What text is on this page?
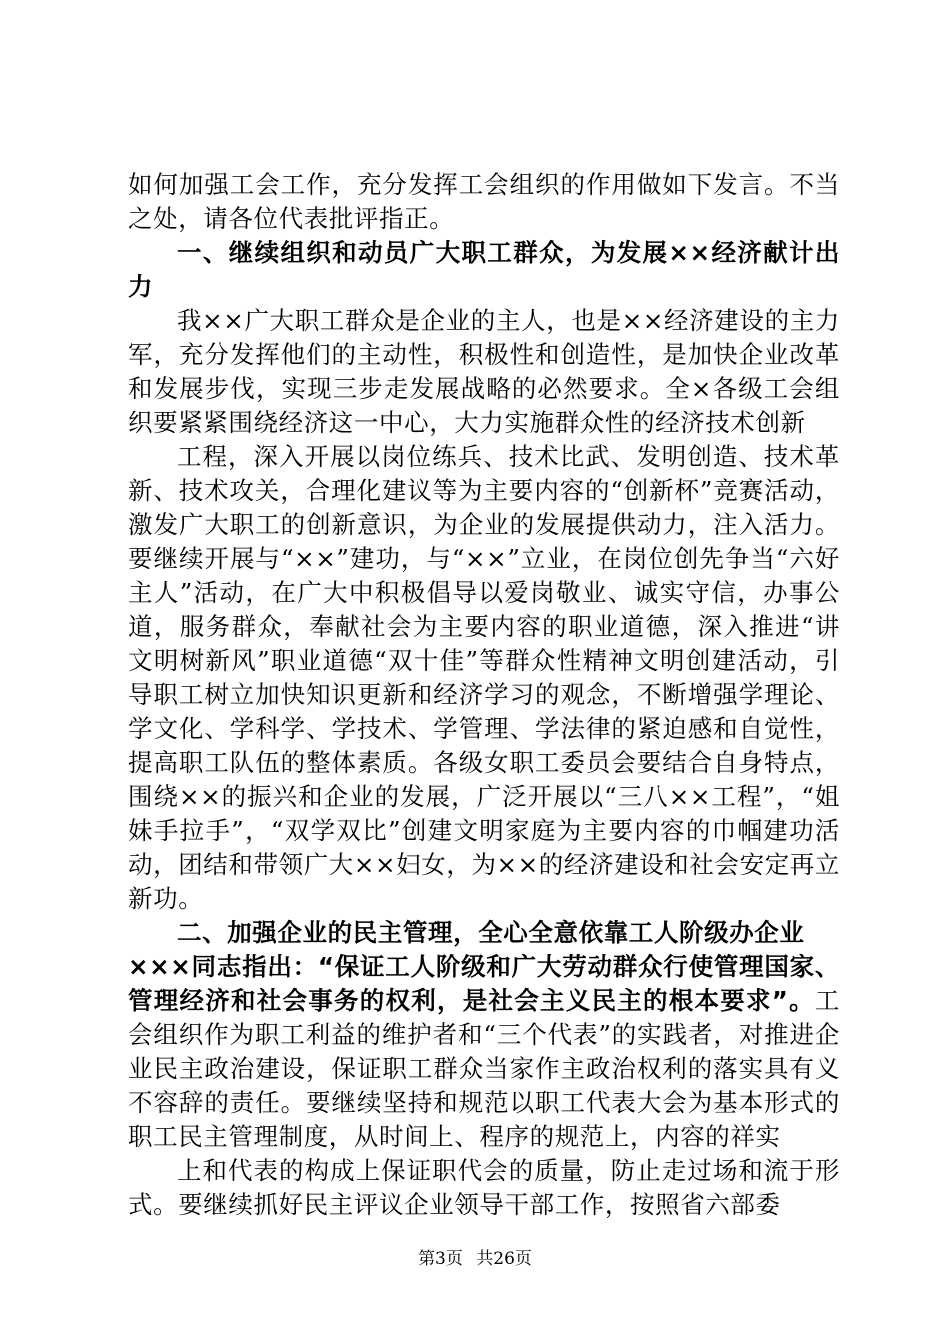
如何加强工会工作，充分发挥工会组织的作用做如下发言。不当之处，请各位代表批评指正。

一、继续组织和动员广大职工群众，为发展××经济献计出力

我××广大职工群众是企业的主人，也是××经济建设的主力军，充分发挥他们的主动性，积极性和创造性，是加快企业改革和发展步伐，实现三步走发展战略的必然要求。全×各级工会组织要紧紧围绕经济这一中心，大力实施群众性的经济技术创新

工程，深入开展以岗位练兵、技术比武、发明创造、技术革新、技术攻关，合理化建议等为主要内容的“创新杯”竞赛活动，激发广大职工的创新意识，为企业的发展提供动力，注入活力。要继续开展与“××”建功，与“××”立业，在岗位创先争当“六好主人”活动，在广大中积极倡导以爱岗敬业、诚实守信，办事公道，服务群众，奉献社会为主要内容的职业道德，深入推进“讲文明树新风”职业道德“双十佳”等群众性精神文明创建活动，引导职工树立加快知识更新和经济学习的观念，不断增强学理论、学文化、学科学、学技术、学管理、学法律的紧迫感和自觉性，提高职工队伍的整体素质。各级女职工委员会要结合自身特点，围绕××的振兴和企业的发展，广泛开展以“三八××工程”，“姐妹手拉手”，“双学双比”创建文明家庭为主要内容的巾帼建功活动，团结和带领广大××妇女，为××的经济建设和社会安定再立新功。

二、加强企业的民主管理，全心全意依靠工人阶级办企业

×××同志指出：“保证工人阶级和广大劳动群众行使管理国家、管理经济和社会事务的权利，是社会主义民主的根本要求”。工会组织作为职工利益的维护者和“三个代表”的实践者，对推进企业民主政治建设，保证职工群众当家作主政治权利的落实具有义不容辞的责任。要继续坚持和规范以职工代表大会为基本形式的职工民主管理制度，从时间上、程序的规范上，内容的祥实

上和代表的构成上保证职代会的质量，防止走过场和流于形式。要继续抓好民主评议企业领导干部工作，按照省六部委

第3页 共26页
